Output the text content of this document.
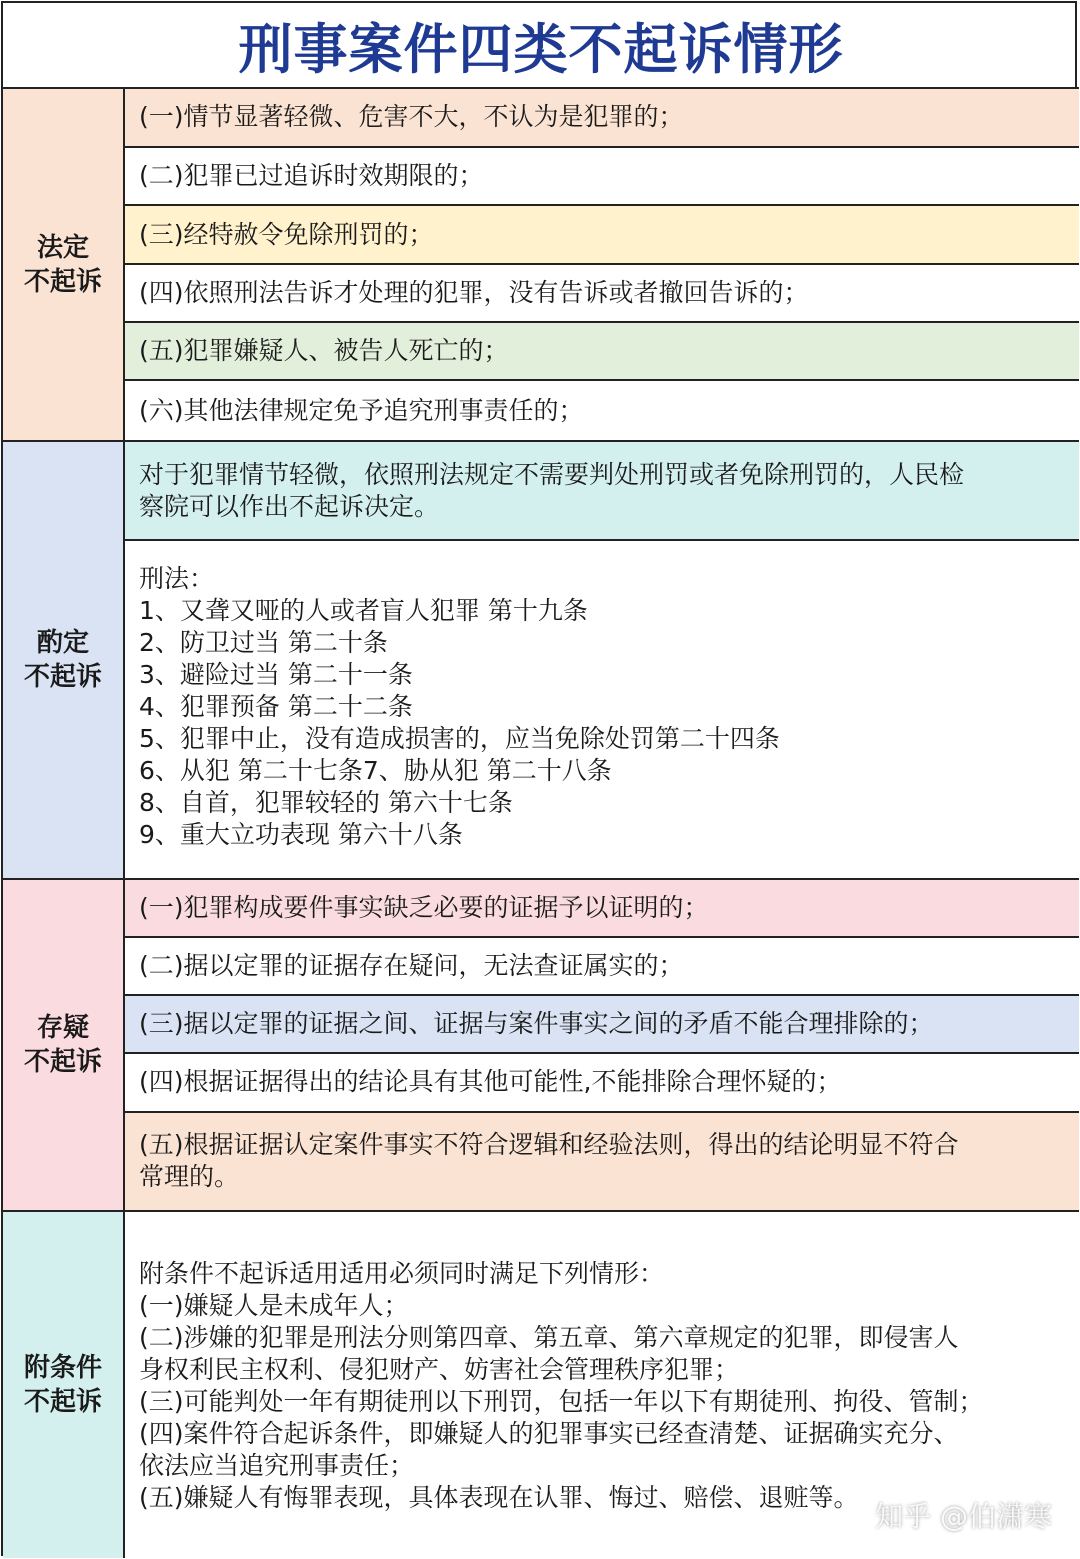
刑事案件四类不起诉情形
法定
不起诉
(一)情节显著轻微、危害不大，不认为是犯罪的；
(二)犯罪已过追诉时效期限的；
(三)经特赦令免除刑罚的；
(四)依照刑法告诉才处理的犯罪，没有告诉或者撤回告诉的；
(五)犯罪嫌疑人、被告人死亡的；
(六)其他法律规定免予追究刑事责任的；
酌定
不起诉
对于犯罪情节轻微，依照刑法规定不需要判处刑罚或者免除刑罚的，人民检
察院可以作出不起诉决定。
刑法：
1、又聋又哑的人或者盲人犯罪 第十九条
2、防卫过当 第二十条
3、避险过当 第二十一条
4、犯罪预备 第二十二条
5、犯罪中止，没有造成损害的，应当免除处罚第二十四条
6、从犯 第二十七条7、胁从犯 第二十八条
8、自首，犯罪较轻的 第六十七条
9、重大立功表现 第六十八条
存疑
不起诉
(一)犯罪构成要件事实缺乏必要的证据予以证明的；
(二)据以定罪的证据存在疑问，无法查证属实的；
(三)据以定罪的证据之间、证据与案件事实之间的矛盾不能合理排除的；
(四)根据证据得出的结论具有其他可能性,不能排除合理怀疑的；
(五)根据证据认定案件事实不符合逻辑和经验法则，得出的结论明显不符合
常理的。
附条件
不起诉
附条件不起诉适用适用必须同时满足下列情形：
(一)嫌疑人是未成年人；
(二)涉嫌的犯罪是刑法分则第四章、第五章、第六章规定的犯罪，即侵害人
身权利民主权利、侵犯财产、妨害社会管理秩序犯罪；
(三)可能判处一年有期徒刑以下刑罚，包括一年以下有期徒刑、拘役、管制；
(四)案件符合起诉条件，即嫌疑人的犯罪事实已经查清楚、证据确实充分、
依法应当追究刑事责任；
(五)嫌疑人有悔罪表现，具体表现在认罪、悔过、赔偿、退赃等。
知乎 @伯潇寒
